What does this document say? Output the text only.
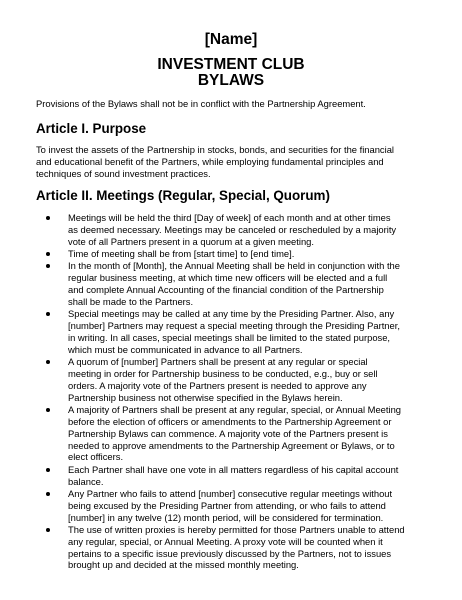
[Name]
INVESTMENT CLUB
BYLAWS
Provisions of the Bylaws shall not be in conflict with the Partnership Agreement.
Article I. Purpose
To invest the assets of the Partnership in stocks, bonds, and securities for the financial
and educational benefit of the Partners, while employing fundamental principles and
techniques of sound investment practices.
Article II. Meetings (Regular, Special, Quorum)
Meetings will be held the third [Day of week] of each month and at other times
as deemed necessary. Meetings may be canceled or rescheduled by a majority
vote of all Partners present in a quorum at a given meeting.
Time of meeting shall be from [start time] to [end time].
In the month of [Month], the Annual Meeting shall be held in conjunction with the
regular business meeting, at which time new officers will be elected and a full
and complete Annual Accounting of the financial condition of the Partnership
shall be made to the Partners.
Special meetings may be called at any time by the Presiding Partner. Also, any
[number] Partners may request a special meeting through the Presiding Partner,
in writing. In all cases, special meetings shall be limited to the stated purpose,
which must be communicated in advance to all Partners.
A quorum of [number] Partners shall be present at any regular or special
meeting in order for Partnership business to be conducted, e.g., buy or sell
orders. A majority vote of the Partners present is needed to approve any
Partnership business not otherwise specified in the Bylaws herein.
A majority of Partners shall be present at any regular, special, or Annual Meeting
before the election of officers or amendments to the Partnership Agreement or
Partnership Bylaws can commence. A majority vote of the Partners present is
needed to approve amendments to the Partnership Agreement or Bylaws, or to
elect officers.
Each Partner shall have one vote in all matters regardless of his capital account
balance.
Any Partner who fails to attend [number] consecutive regular meetings without
being excused by the Presiding Partner from attending, or who fails to attend
[number] in any twelve (12) month period, will be considered for termination.
The use of written proxies is hereby permitted for those Partners unable to attend
any regular, special, or Annual Meeting. A proxy vote will be counted when it
pertains to a specific issue previously discussed by the Partners, not to issues
brought up and decided at the missed monthly meeting.
